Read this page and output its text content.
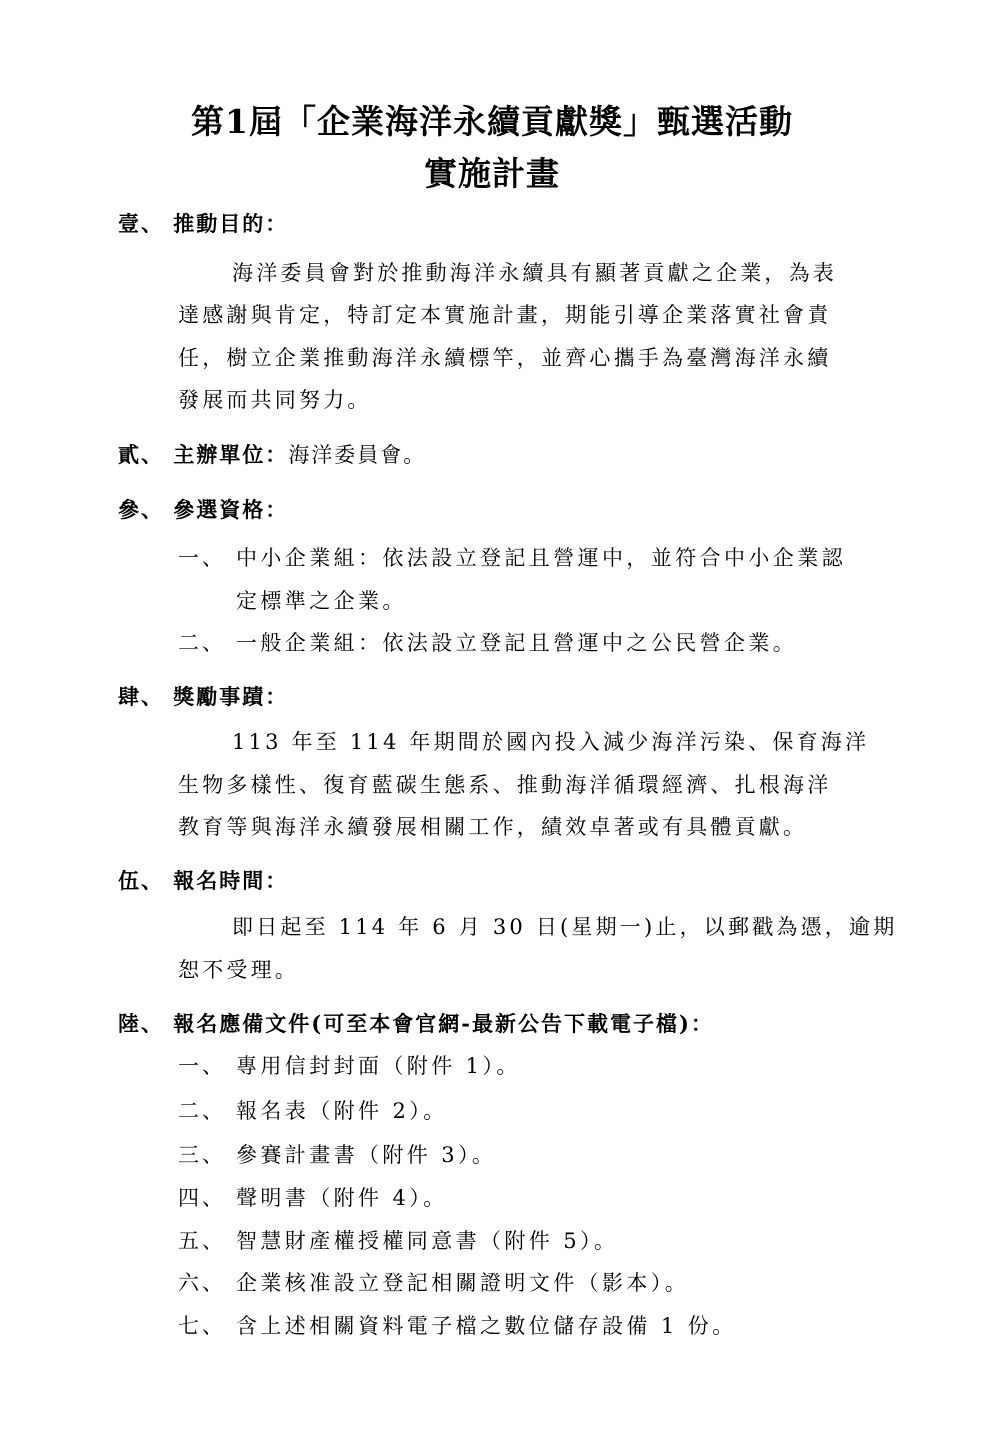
第1屆「企業海洋永續貢獻獎」甄選活動
實施計畫
壹、 推動目的：
海洋委員會對於推動海洋永續具有顯著貢獻之企業，為表
達感謝與肯定，特訂定本實施計畫，期能引導企業落實社會責
任，樹立企業推動海洋永續標竿，並齊心攜手為臺灣海洋永續
發展而共同努力。
貳、 主辦單位：海洋委員會。
參、 參選資格：
一、 中小企業組：依法設立登記且營運中，並符合中小企業認
定標準之企業。
二、 一般企業組：依法設立登記且營運中之公民營企業。
肆、 獎勵事蹟：
113 年至 114 年期間於國內投入減少海洋污染、保育海洋
生物多樣性、復育藍碳生態系、推動海洋循環經濟、扎根海洋
教育等與海洋永續發展相關工作，績效卓著或有具體貢獻。
伍、 報名時間：
即日起至 114 年 6 月 30 日(星期一)止，以郵戳為憑，逾期
恕不受理。
陸、 報名應備文件(可至本會官網-最新公告下載電子檔)：
一、 專用信封封面（附件 1）。
二、 報名表（附件 2）。
三、 參賽計畫書（附件 3）。
四、 聲明書（附件 4）。
五、 智慧財產權授權同意書（附件 5）。
六、 企業核准設立登記相關證明文件（影本）。
七、 含上述相關資料電子檔之數位儲存設備 1 份。
